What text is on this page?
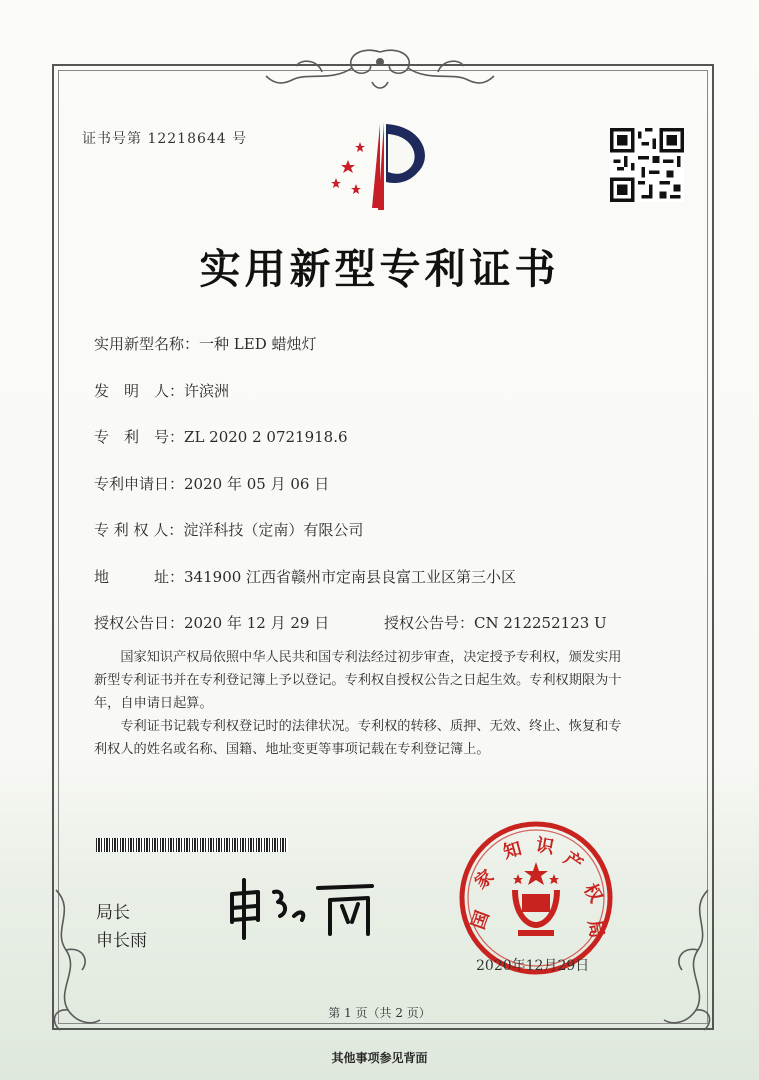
证书号第 12218644 号
实用新型专利证书
实用新型名称：一种 LED 蜡烛灯
发　明　人：许滨洲
专　利　号：ZL 2020 2 0721918.6
专利申请日：2020 年 05 月 06 日
专 利 权 人：淀洋科技（定南）有限公司
地　　　址：341900 江西省赣州市定南县良富工业区第三小区
授权公告日：2020 年 12 月 29 日	授权公告号：CN 212252123 U
　　国家知识产权局依照中华人民共和国专利法经过初步审查，决定授予专利权，颁发实用
新型专利证书并在专利登记簿上予以登记。专利权自授权公告之日起生效。专利权期限为十
年，自申请日起算。
　　专利证书记载专利权登记时的法律状况。专利权的转移、质押、无效、终止、恢复和专
利权人的姓名或名称、国籍、地址变更等事项记载在专利登记簿上。
局长
申长雨
国
家
知 识
产
权
局
2020年12月29日
第 1 页（共 2 页）
其他事项参见背面
